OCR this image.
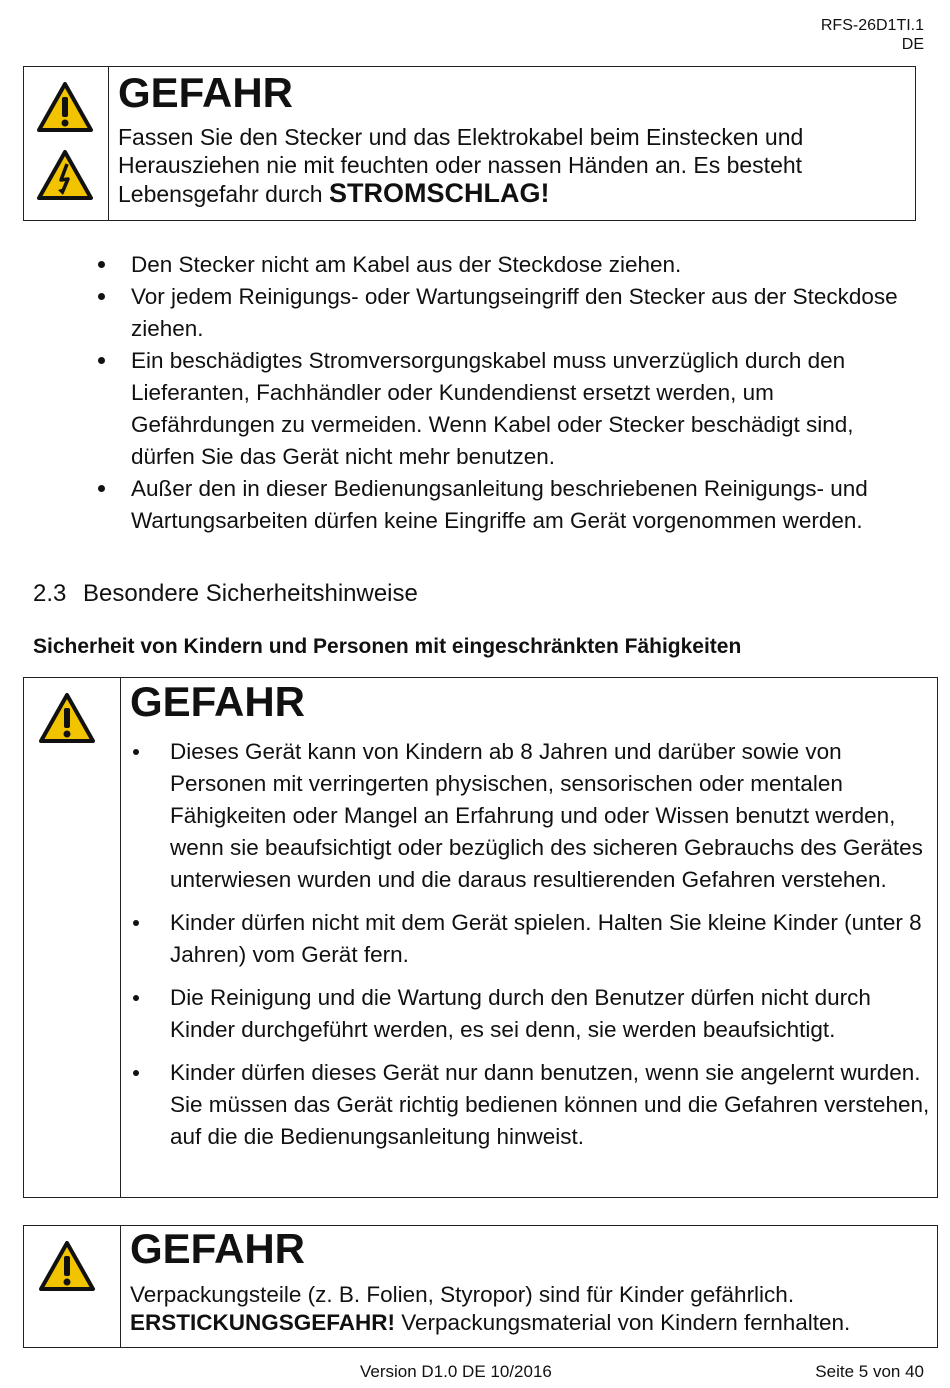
RFS-26D1TI.1
DE

GEFAHR

Fassen Sie den Stecker und das Elektrokabel beim Einstecken und Herausziehen nie mit feuchten oder nassen Händen an. Es besteht Lebensgefahr durch STROMSCHLAG!

Den Stecker nicht am Kabel aus der Steckdose ziehen.
Vor jedem Reinigungs- oder Wartungseingriff den Stecker aus der Steckdose ziehen.
Ein beschädigtes Stromversorgungskabel muss unverzüglich durch den Lieferanten, Fachhändler oder Kundendienst ersetzt werden, um Gefährdungen zu vermeiden. Wenn Kabel oder Stecker beschädigt sind, dürfen Sie das Gerät nicht mehr benutzen.
Außer den in dieser Bedienungsanleitung beschriebenen Reinigungs- und Wartungsarbeiten dürfen keine Eingriffe am Gerät vorgenommen werden.
2.3 Besondere Sicherheitshinweise
Sicherheit von Kindern und Personen mit eingeschränkten Fähigkeiten

GEFAHR

Dieses Gerät kann von Kindern ab 8 Jahren und darüber sowie von Personen mit verringerten physischen, sensorischen oder mentalen Fähigkeiten oder Mangel an Erfahrung und oder Wissen benutzt werden, wenn sie beaufsichtigt oder bezüglich des sicheren Gebrauchs des Gerätes unterwiesen wurden und die daraus resultierenden Gefahren verstehen.
Kinder dürfen nicht mit dem Gerät spielen. Halten Sie kleine Kinder (unter 8 Jahren) vom Gerät fern.
Die Reinigung und die Wartung durch den Benutzer dürfen nicht durch Kinder durchgeführt werden, es sei denn, sie werden beaufsichtigt.
Kinder dürfen dieses Gerät nur dann benutzen, wenn sie angelernt wurden. Sie müssen das Gerät richtig bedienen können und die Gefahren verstehen, auf die die Bedienungsanleitung hinweist.

GEFAHR

Verpackungsteile (z. B. Folien, Styropor) sind für Kinder gefährlich.
ERSTICKUNGSGEFAHR! Verpackungsmaterial von Kindern fernhalten.

Version D1.0 DE 10/2016	Seite 5 von 40
